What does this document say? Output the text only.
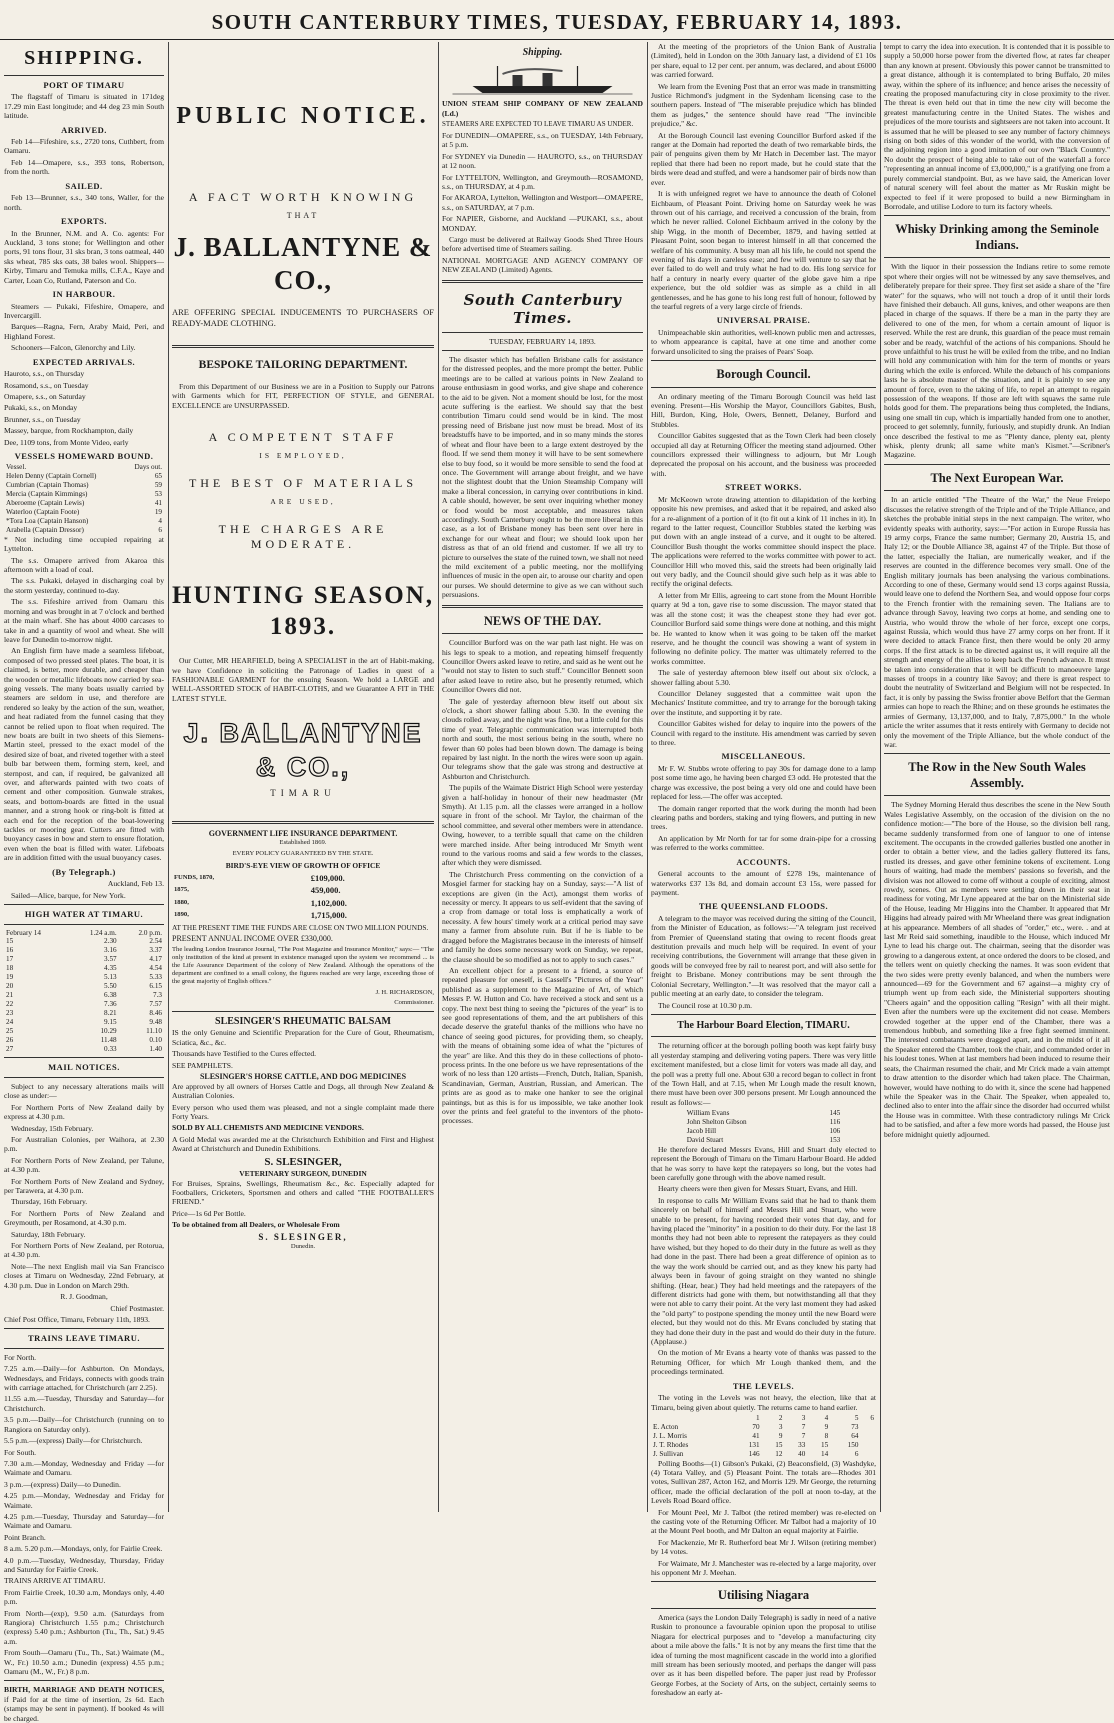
SOUTH CANTERBURY TIMES, TUESDAY, FEBRUARY 14, 1893.
SHIPPING.
PORT OF TIMARU

The flagstaff of Timaru is situated in 171deg 17.29 min East longitude; and 44 deg 23 min South latitude.

ARRIVED.

Feb 14—Fifeshire, s.s., 2720 tons, Cuthbert, from Oamaru.

Feb 14—Omapere, s.s., 393 tons, Robertson, from the north.

SAILED.

Feb 13—Brunner, s.s., 340 tons, Waller, for the north.

EXPORTS.

In the Brunner, N.M. and A. Co. agents: For Auckland, 3 tons stone; for Wellington and other ports, 91 tons flour, 31 sks bran, 3 tons oatmeal, 440 sks wheat, 785 sks oats, 38 bales wool. Shippers—Kirby, Timaru and Temuka mills, C.F.A., Kaye and Carter, Loan Co, Rutland, Paterson and Co.

IN HARBOUR.

Steamers — Pukaki, Fifeshire, Omapere, and Invercargill.

Barques—Ragna, Fern, Araby Maid, Peri, and Highland Forest.

Schooners—Falcon, Glenorchy and Lily.

EXPECTED ARRIVALS.

Hauroto, s.s., on Thursday

Rosamond, s.s., on Tuesday

Omapere, s.s., on Saturday

Pukaki, s.s., on Monday

Brunner, s.s., on Tuesday

Massey, barque, from Rockhampton, daily

Dee, 1109 tons, from Monte Video, early

VESSELS HOMEWARD BOUND.
Vessel.	Days out.
Helen Denny (Captain Cornell)	65
Cumbrian (Captain Thomas)	59
Mercia (Captain Kimmings)	53
Aberoeme (Captain Lewis)	41
Waterloo (Captain Foote)	19
*Tora Loa (Captain Hanson)	4
Arabella (Captain Dressor)	6

* Not including time occupied repairing at Lyttelton.

The s.s. Omapere arrived from Akaroa this afternoon with a load of coal.

The s.s. Pukaki, delayed in discharging coal by the storm yesterday, continued to-day.

The s.s. Fifeshire arrived from Oamaru this morning and was brought in at 7 o'clock and berthed at the main wharf. She has about 4000 carcases to take in and a quantity of wool and wheat. She will leave for Dunedin to-morrow night.

An English firm have made a seamless lifeboat, composed of two pressed steel plates. The boat, it is claimed, is better, more durable, and cheaper than the wooden or metallic lifeboats now carried by sea-going vessels. The many boats usually carried by steamers are seldom in use, and therefore are rendered so leaky by the action of the sun, weather, and heat radiated from the funnel casing that they cannot be relied upon to float when required. The new boats are built in two sheets of this Siemens-Martin steel, pressed to the exact model of the desired size of boat, and riveted together with a steel bulb bar between them, forming stern, keel, and sternpost, and can, if required, be galvanized all over, and afterwards painted with two coats of cement and other composition. Gunwale strakes, seats, and bottom-boards are fitted in the usual manner, and a strong hook or ring-bolt is fitted at each end for the reception of the boat-lowering tackles or mooring gear. Cutters are fitted with buoyancy cases in bow and stern to ensure flotation, even when the boat is filled with water. Lifeboats are in addition fitted with the usual buoyancy cases.

(By Telegraph.)

Auckland, Feb 13.

Sailed—Alice, barque, for New York.

HIGH WATER AT TIMARU.
February 14	1.24 a.m.	2.0 p.m.
15	2.30	2.54
16	3.16	3.37
17	3.57	4.17
18	4.35	4.54
19	5.13	5.33
20	5.50	6.15
21	6.38	7.3
22	7.36	7.57
23	8.21	8.46
24	9.15	9.48
25	10.29	11.10
26	11.48	0.10
27	0.33	1.40
MAIL NOTICES.

Subject to any necessary alterations mails will close as under:—

For Northern Ports of New Zealand daily by express at 4.30 p.m.

Wednesday, 15th February.

For Australian Colonies, per Waihora, at 2.30 p.m.

For Northern Ports of New Zealand, per Talune, at 4.30 p.m.

For Northern Ports of New Zealand and Sydney, per Tarawera, at 4.30 p.m.

Thursday, 16th February.

For Northern Ports of New Zealand and Greymouth, per Rosamond, at 4.30 p.m.

Saturday, 18th February.

For Northern Ports of New Zealand, per Rotorua, at 4.30 p.m.

Note—The next English mail via San Francisco closes at Timaru on Wednesday, 22nd February, at 4.30 p.m. Due in London on March 29th.

R. J. Goodman,

Chief Postmaster.

Chief Post Office, Timaru, February 11th, 1893.

TRAINS LEAVE TIMARU.

For North.

7.25 a.m.—Daily—for Ashburton. On Mondays, Wednesdays, and Fridays, connects with goods train with carriage attached, for Christchurch (arr 2.25).

11.55 a.m.—Tuesday, Thursday and Saturday—for Christchurch.

3.5 p.m.—Daily—for Christchurch (running on to Rangiora on Saturday only).

5.5 p.m.—(express) Daily—for Christchurch.

For South.

7.30 a.m.—Monday, Wednesday and Friday —for Waimate and Oamaru.

3 p.m.—(express) Daily—to Dunedin.

4.25 p.m.—Monday, Wednesday and Friday for Waimate.

4.25 p.m.—Tuesday, Thursday and Saturday—for Waimate and Oamaru.

Point Branch.

8 a.m. 5.20 p.m.—Mondays, only, for Fairlie Creek.

4.0 p.m.—Tuesday, Wednesday, Thursday, Friday and Saturday for Fairlie Creek.

TRAINS ARRIVE AT TIMARU.

From Fairlie Creek, 10.30 a.m, Mondays only, 4.40 p.m.

From North—(exp), 9.50 a.m. (Saturdays from Rangiora) Christchurch 1.55 p.m.; Christchurch (express) 5.40 p.m.; Ashburton (Tu., Th., Sat.) 9.45 a.m.

From South—Oamaru (Tu., Th., Sat.) Waimate (M., W., Fr.) 10.50 a.m.; Dunedin (express) 4.55 p.m.; Oamaru (M., W., Fr.) 8 p.m.

BIRTH, MARRIAGE AND DEATH NOTICES, if Paid for at the time of insertion, 2s 6d. Each (stamps may be sent in payment). If booked 4s will be charged.

PUBLIC NOTICE.
A FACT WORTH KNOWING
THAT
J. BALLANTYNE & CO.,

ARE OFFERING SPECIAL INDUCEMENTS TO PURCHASERS OF READY-MADE CLOTHING.

BESPOKE TAILORING DEPARTMENT.

From this Department of our Business we are in a Position to Supply our Patrons with Garments which for FIT, PERFECTION OF STYLE, and GENERAL EXCELLENCE are UNSURPASSED.

A COMPETENT STAFF
IS EMPLOYED,
THE BEST OF MATERIALS
ARE USED,
THE CHARGES ARE MODERATE.
HUNTING SEASON, 1893.

Our Cutter, MR HEARFIELD, being A SPECIALIST in the art of Habit-making, we have Confidence in soliciting the Patronage of Ladies in quest of a FASHIONABLE GARMENT for the ensuing Season. We hold a LARGE and WELL-ASSORTED STOCK of HABIT-CLOTHS, and we Guarantee A FIT in THE LATEST STYLE.

J. BALLANTYNE & CO.,
TIMARU
GOVERNMENT LIFE INSURANCE DEPARTMENT.
Established 1869.
EVERY POLICY GUARANTEED BY THE STATE.
BIRD'S-EYE VIEW OF GROWTH OF OFFICE
FUNDS, 1870,	£109,000.
1875,	459,000.
1880,	1,102,000.
1890,	1,715,000.

AT THE PRESENT TIME THE FUNDS ARE CLOSE ON TWO MILLION POUNDS.

PRESENT ANNUAL INCOME OVER £330,000.

The leading London Insurance Journal, "The Post Magazine and Insurance Monitor," says:— "The only institution of the kind at present in existence managed upon the system we recommend ... is the Life Assurance Department of the colony of New Zealand. Although the operations of the department are confined to a small colony, the figures reached are very large, exceeding those of the great majority of English offices."

J. H. RICHARDSON,

Commissioner.

SLESINGER'S RHEUMATIC BALSAM

IS the only Genuine and Scientific Preparation for the Cure of Gout, Rheumatism, Sciatica, &c., &c.

Thousands have Testified to the Cures effected.

SEE PAMPHLETS.

SLESINGER'S HORSE CATTLE, AND DOG MEDICINES

Are approved by all owners of Horses Cattle and Dogs, all through New Zealand & Australian Colonies.

Every person who used them was pleased, and not a single complaint made there Forty Years.

SOLD BY ALL CHEMISTS AND MEDICINE VENDORS.

A Gold Medal was awarded me at the Christchurch Exhibition and First and Highest Award at Christchurch and Dunedin Exhibitions.

S. SLESINGER,
VETERINARY SURGEON, DUNEDIN

For Bruises, Sprains, Swellings, Rheumatism &c., &c. Especially adapted for Footballers, Cricketers, Sportsmen and others and called "THE FOOTBALLER'S FRIEND."

Price—1s 6d Per Bottle.

To be obtained from all Dealers, or Wholesale From

S. SLESINGER,
Dunedin.
Shipping.

UNION STEAM SHIP COMPANY OF NEW ZEALAND (Ld.)

STEAMERS ARE EXPECTED TO LEAVE TIMARU AS UNDER.

For DUNEDIN—OMAPERE, s.s., on TUESDAY, 14th February, at 5 p.m.

For SYDNEY via Dunedin — HAUROTO, s.s., on THURSDAY at 12 noon.

For LYTTELTON, Wellington, and Greymouth—ROSAMOND, s.s., on THURSDAY, at 4 p.m.

For AKAROA, Lyttelton, Wellington and Westport—OMAPERE, s.s., on SATURDAY, at 7 p.m.

For NAPIER, Gisborne, and Auckland —PUKAKI, s.s., about MONDAY.

Cargo must be delivered at Railway Goods Shed Three Hours before advertised time of Steamers sailing.

NATIONAL MORTGAGE AND AGENCY COMPANY OF NEW ZEALAND (Limited) Agents.

South Canterbury Times.
TUESDAY, FEBRUARY 14, 1893.

The disaster which has befallen Brisbane calls for assistance for the distressed peoples, and the more prompt the better. Public meetings are to be called at various points in New Zealand to arouse enthusiasm in good works, and give shape and coherence to the aid to be given. Not a moment should be lost, for the most acute suffering is the earliest. We should say that the best contribution Timaru could send would be in kind. The most pressing need of Brisbane just now must be bread. Most of its breadstuffs have to be imported, and in so many minds the stores of wheat and flour have been to a large extent destroyed by the flood. If we send them money it will have to be sent somewhere else to buy food, so it would be more sensible to send the food at once. The Government will arrange about freight, and we have not the slightest doubt that the Union Steamship Company will make a liberal concession, in carrying over contributions in kind. A cable should, however, be sent over inquiring whether money or food would be most acceptable, and measures taken accordingly. South Canterbury ought to be the more liberal in this case, as a lot of Brisbane money has been sent over here in exchange for our wheat and flour; we should look upon her distress as that of an old friend and customer. If we all try to picture to ourselves the state of the ruined town, we shall not need the mild excitement of a public meeting, nor the mollifying influences of music in the open air, to arouse our charity and open our purses. We should determine to give as we can without such persuasions.

NEWS OF THE DAY.

Councillor Burford was on the war path last night. He was on his legs to speak to a motion, and repeating himself frequently Councillor Owers asked leave to retire, and said as he went out he "would not stay to listen to such stuff." Councillor Bennett soon after asked leave to retire also, but he presently returned, which Councillor Owers did not.

The gale of yesterday afternoon blew itself out about six o'clock, a short shower falling about 5.30. In the evening the clouds rolled away, and the night was fine, but a little cold for this time of year. Telegraphic communication was interrupted both north and south, the most serious being in the south, where no fewer than 60 poles had been blown down. The damage is being repaired by last night. In the north the wires were soon up again. Our telegrams show that the gale was strong and destructive at Ashburton and Christchurch.

The pupils of the Waimate District High School were yesterday given a half-holiday in honour of their new headmaster (Mr Smyth). At 1.15 p.m. all the classes were arranged in a hollow square in front of the school. Mr Taylor, the chairman of the school committee, and several other members were in attendance. Owing, however, to a terrible squall that came on the children were marched inside. After being introduced Mr Smyth went round to the various rooms and said a few words to the classes, after which they were dismissed.

The Christchurch Press commenting on the conviction of a Mosgiel farmer for stacking hay on a Sunday, says:—"A list of exceptions are given (in the Act), amongst them works of necessity or mercy. It appears to us self-evident that the saving of a crop from damage or total loss is emphatically a work of necessity. A few hours' timely work at a critical period may save many a farmer from absolute ruin. But if he is liable to be dragged before the Magistrates because in the interests of himself and family he does some necessary work on Sunday, we repeat, the clause should be so modified as not to apply to such cases."

An excellent object for a present to a friend, a source of repeated pleasure for oneself, is Cassell's "Pictures of the Year" published as a supplement to the Magazine of Art, of which Messrs P. W. Hutton and Co. have received a stock and sent us a copy. The next best thing to seeing the "pictures of the year" is to see good representations of them, and the art publishers of this decade deserve the grateful thanks of the millions who have no chance of seeing good pictures, for providing them, so cheaply, with the means of obtaining some idea of what the "pictures of the year" are like. And this they do in these collections of photo-process prints. In the one before us we have representations of the work of no less than 120 artists—French, Dutch, Italian, Spanish, Scandinavian, German, Austrian, Russian, and American. The prints are as good as to make one hanker to see the original paintings, but as this is for us impossible, we take another look over the prints and feel grateful to the inventors of the photo-processes.

At the meeting of the proprietors of the Union Bank of Australia (Limited), held in London on the 30th January last, a dividend of £1 10s per share, equal to 12 per cent. per annum, was declared, and about £6000 was carried forward.

We learn from the Evening Post that an error was made in transmitting Justice Richmond's judgment in the Sydenham licensing case to the southern papers. Instead of "The miserable prejudice which has blinded them as judges," the sentence should have read "The invincible prejudice," &c.

At the Borough Council last evening Councillor Burford asked if the ranger at the Domain had reported the death of two remarkable birds, the pair of penguins given them by Mr Hatch in December last. The mayor replied that there had been no report made, but he could state that the birds were dead and stuffed, and were a handsomer pair of birds now than ever.

It is with unfeigned regret we have to announce the death of Colonel Eichbaum, of Pleasant Point. Driving home on Saturday week he was thrown out of his carriage, and received a concussion of the brain, from which he never rallied. Colonel Eichbaum arrived in the colony by the ship Wigg, in the month of December, 1879, and having settled at Pleasant Point, soon began to interest himself in all that concerned the welfare of his community. A busy man all his life, he could not spend the evening of his days in careless ease; and few will venture to say that he ever failed to do well and truly what he had to do. His long service for half a century in nearly every quarter of the globe gave him a ripe experience, but the old soldier was as simple as a child in all gentlenesses, and he has gone to his long rest full of honour, followed by the tearful regrets of a very large circle of friends.

UNIVERSAL PRAISE.

Unimpeachable skin authorities, well-known public men and actresses, to whom appearance is capital, have at one time and another come forward unsolicited to sing the praises of Pears' Soap.

Borough Council.

An ordinary meeting of the Timaru Borough Council was held last evening. Present—His Worship the Mayor, Councillors Gabites, Bush, Hill, Burdon, King, Hole, Owers, Bennett, Delaney, Burford and Stubbles.

Councillor Gabites suggested that as the Town Clerk had been closely occupied all day at Returning Officer the meeting stand adjourned. Other councillors expressed their willingness to adjourn, but Mr Lough deprecated the proposal on his account, and the business was proceeded with.

STREET WORKS.

Mr McKeown wrote drawing attention to dilapidation of the kerbing opposite his new premises, and asked that it be repaired, and asked also for a re-alignment of a portion of it (to fit out a kink of 11 inches in it). In regard to the latter request, Councillor Stubbles stated the kerbing was put down with an angle instead of a curve, and it ought to be altered. Councillor Bush thought the works committee should inspect the place. The applications were referred to the works committee with power to act. Councillor Hill who moved this, said the streets had been originally laid out very badly, and the Council should give such help as it was able to rectify the original defects.

A letter from Mr Ellis, agreeing to cart stone from the Mount Horrible quarry at 9d a ton, gave rise to some discussion. The mayor stated that was all the stone cost; it was the cheapest stone they had ever got. Councillor Burford said some things were done at nothing, and this might be. He wanted to know when it was going to be taken off the market reserve, and he thought the council was showing a want of system in following no definite policy. The matter was ultimately referred to the works committee.

The sale of yesterday afternoon blew itself out about six o'clock, a shower falling about 5.30.

Councillor Delaney suggested that a committee wait upon the Mechanics' Institute committee, and try to arrange for the borough taking over the institute, and supporting it by rate.

Councillor Gabites wished for delay to inquire into the powers of the Council with regard to the institute. His amendment was carried by seven to three.

MISCELLANEOUS.

Mr F. W. Stubbs wrote offering to pay 30s for damage done to a lamp post some time ago, he having been charged £3 odd. He protested that the charge was excessive, the post being a very old one and could have been replaced for less.—The offer was accepted.

The domain ranger reported that the work during the month had been clearing paths and borders, staking and tying flowers, and putting in new trees.

An application by Mr North for tar for some drain-pipe for a crossing was referred to the works committee.

ACCOUNTS.

General accounts to the amount of £278 19s, maintenance of waterworks £37 13s 8d, and domain account £3 15s, were passed for payment.

THE QUEENSLAND FLOODS.

A telegram to the mayor was received during the sitting of the Council, from the Minister of Education, as follows:—"A telegram just received from Premier of Queensland stating that owing to recent floods great destitution prevails and much help will be required. In event of your receiving contributions, the Government will arrange that these given in goods will be conveyed free by rail to nearest port, and will also settle for freight to Brisbane. Money contributions may be sent through the Colonial Secretary, Wellington."—It was resolved that the mayor call a public meeting at an early date, to consider the telegram.

The Council rose at 10.30 p.m.

The Harbour Board Election, TIMARU.

The returning officer at the borough polling booth was kept fairly busy all yesterday stamping and delivering voting papers. There was very little excitement manifested, but a close limit for voters was made all day, and the poll was a pretty full one. About 630 a record began to collect in front of the Town Hall, and at 7.15, when Mr Lough made the result known, there must have been over 300 persons present. Mr Lough announced the result as follows:—

William Evans	145
John Shelton Gibson	116
Jacob Hill	106
David Stuart	153

He therefore declared Messrs Evans, Hill and Stuart duly elected to represent the Borough of Timaru on the Timaru Harbour Board. He added that he was sorry to have kept the ratepayers so long, but the votes had been carefully gone through with the above named result.

Hearty cheers were then given for Messrs Stuart, Evans, and Hill.

In response to calls Mr William Evans said that he had to thank them sincerely on behalf of himself and Messrs Hill and Stuart, who were unable to be present, for having recorded their votes that day, and for having placed the "minority" in a position to do their duty. For the last 18 months they had not been able to represent the ratepayers as they could have wished, but they hoped to do their duty in the future as well as they had done in the past. There had been a great difference of opinion as to the way the work should be carried out, and as they knew his party had always been in favour of going straight on they wanted no shingle shifting. (Hear, hear.) They had held meetings and the ratepayers of the different districts had gone with them, but notwithstanding all that they were not able to carry their point. At the very last moment they had asked the "old party" to postpone spending the money until the new Board were elected, but they would not do this. Mr Evans concluded by stating that they had done their duty in the past and would do their duty in the future. (Applause.)

On the motion of Mr Evans a hearty vote of thanks was passed to the Returning Officer, for which Mr Lough thanked them, and the proceedings terminated.

THE LEVELS.

The voting in the Levels was not heavy, the election, like that at Timaru, being given about quietly. The returns came to hand earlier.

	1	2	3	4	5	6
E. Acton	70	3	7	9	73	
J. L. Morris	41	9	7	8	64	
J. T. Rhodes	131	15	33	15	150	
J. Sullivan	146	12	40	14	6	

Polling Booths—(1) Gibson's Pukaki, (2) Beaconsfield, (3) Washdyke, (4) Totara Valley, and (5) Pleasant Point. The totals are—Rhodes 301 votes, Sullivan 287, Acton 162, and Morris 129. Mr George, the returning officer, made the official declaration of the poll at noon to-day, at the Levels Road Board office.

For Mount Peel, Mr J. Talbot (the retired member) was re-elected on the casting vote of the Returning Officer. Mr Talbot had a majority of 10 at the Mount Peel booth, and Mr Dalton an equal majority at Fairlie.

For Mackenzie, Mr R. Rutherford beat Mr J. Wilson (retiring member) by 14 votes.

For Waimate, Mr J. Manchester was re-elected by a large majority, over his opponent Mr J. Meehan.

Utilising Niagara

America (says the London Daily Telegraph) is sadly in need of a native Ruskin to pronounce a favourable opinion upon the proposal to utilise Niagara for electrical purposes and to "develop a manufacturing city about a mile above the falls." It is not by any means the first time that the idea of turning the most magnificent cascade in the world into a glorified mill stream has been seriously mooted, and perhaps the danger will pass over as it has been dispelled before. The paper just read by Professor George Forbes, at the Society of Arts, on the subject, certainly seems to foreshadow an early at-

tempt to carry the idea into execution. It is contended that it is possible to supply a 50,000 horse power from the diverted flow, at rates far cheaper than any known at present. Obviously this power cannot be transmitted to a great distance, although it is contemplated to bring Buffalo, 20 miles away, within the sphere of its influence; and hence arises the necessity of creating the proposed manufacturing city in close proximity to the river. The threat is even held out that in time the new city will become the greatest manufacturing centre in the United States. The wishes and prejudices of the more tourists and sightseers are not taken into account. It is assumed that he will be pleased to see any number of factory chimneys rising on both sides of this wonder of the world, with the conversion of the adjoining region into a good imitation of our own "Black Country." No doubt the prospect of being able to take out of the waterfall a force "representing an annual income of £3,000,000," is a gratifying one from a purely commercial standpoint. But, as we have said, the American lover of natural scenery will feel about the matter as Mr Ruskin might be expected to feel if it were proposed to build a new Birmingham in Borrodale, and utilise Lodore to turn its factory wheels.

Whisky Drinking among the Seminole Indians.

With the liquor in their possession the Indians retire to some remote spot where their orgies will not be witnessed by any save themselves, and deliberately prepare for their spree. They first set aside a share of the "fire water" for the squaws, who will not touch a drop of it until their lords have finished their debauch. All guns, knives, and other weapons are then placed in charge of the squaws. If there be a man in the party they are delivered to one of the men, for whom a certain amount of liquor is reserved. While the rest are drunk, this guardian of the peace must remain sober and be ready, watchful of the actions of his companions. Should he prove unfaithful to his trust he will be exiled from the tribe, and no Indian will hold any communication with him for the term of months or years during which the exile is enforced. While the debauch of his companions lasts he is absolute master of the situation, and it is plainly to see any amount of force, even to the taking of life, to repel an attempt to regain possession of the weapons. If those are left with squaws the same rule holds good for them. The preparations being thus completed, the Indians, using one small tin cup, which is impartially handed from one to another, proceed to get solemnly, funnily, furiously, and stupidly drunk. An Indian once described the festival to me as "Plenty dance, plenty eat, plenty whisk, plenty drunk; all same white man's Kismet."—Scribner's Magazine.

The Next European War.

In an article entitled "The Theatre of the War," the Neue Freiepo discusses the relative strength of the Triple and of the Triple Alliance, and sketches the probable initial steps in the next campaign. The writer, who evidently speaks with authority, says:—"For action in Europe Russia has 19 army corps, France the same number; Germany 20, Austria 15, and Italy 12; or the Double Alliance 38, against 47 of the Triple. But those of the latter, especially the Italian, are numerically weaker, and if the reserves are counted in the difference becomes very small. One of the English military journals has been analysing the various combinations. According to one of these, Germany would send 13 corps against Russia, would leave one to defend the Northern Sea, and would oppose four corps to the French frontier with the remaining seven. The Italians are to advance through Savoy, leaving two corps at home, and sending one to Austria, who would throw the whole of her force, except one corps, against Russia, which would thus have 27 army corps on her front. If it were decided to attack France first, then there would be only 20 army corps. If the first attack is to be directed against us, it will require all the strength and energy of the allies to keep back the French advance. It must be taken into consideration that it will be difficult to manoeuvre large masses of troops in a country like Savoy; and there is great respect to doubt the neutrality of Switzerland and Belgium will not be respected. In fact, it is only by passing the Swiss frontier above Belfort that the German armies can hope to reach the Rhine; and on these grounds he estimates the armies of Germany, 13,137,000, and to Italy, 7,875,000." In the whole article the writer assumes that it rests entirely with Germany to decide not only the movement of the Triple Alliance, but the whole conduct of the war.

The Row in the New South Wales Assembly.

The Sydney Morning Herald thus describes the scene in the New South Wales Legislative Assembly, on the occasion of the division on the no confidence motion:—"The bore of the House, so the division bell rang, became suddenly transformed from one of languor to one of intense excitement. The occupants in the crowded galleries bustled one another in order to obtain a better view, and the ladies gallery fluttered its fans, rustled its dresses, and gave other feminine tokens of excitement. Long hours of waiting, had made the members' passions so feverish, and the division was not allowed to come off without a couple of exciting, almost rowdy, scenes. Out as members were settling down in their seat in readiness for voting, Mr Lyne appeared at the bar on the Ministerial side of the House, leading Mr Higgins into the Chamber. It appeared that Mr Higgins had already paired with Mr Wheeland there was great indignation at his appearance. Members of all shades of "order," etc., were. . and at last Mr Reid said something, inaudible to the House, which induced Mr Lyne to lead his charge out. The chairman, seeing that the disorder was growing to a dangerous extent, at once ordered the doors to be closed, and the tellers went on quietly checking the names. It was soon evident that the two sides were pretty evenly balanced, and when the numbers were announced—69 for the Government and 67 against—a mighty cry of triumph went up from each side, the Ministerial supporters shouting "Cheers again" and the opposition calling "Resign" with all their might. Even after the numbers were up the excitement did not cease. Members crowded together at the upper end of the Chamber, there was a tremendous hubbub, and something like a free fight seemed imminent. The interested combatants were dragged apart, and in the midst of it all the Speaker entered the Chamber, took the chair, and commanded order in his loudest tones. When at last members had been induced to resume their seats, the Chairman resumed the chair, and Mr Crick made a vain attempt to draw attention to the disorder which had taken place. The Chairman, however, would have nothing to do with it, since the scene had happened while the Speaker was in the Chair. The Speaker, when appealed to, declined also to enter into the affair since the disorder had occurred whilst the House was in committee. With these contradictory rulings Mr Crick had to be satisfied, and after a few more words had passed, the House just before midnight quietly adjourned.
